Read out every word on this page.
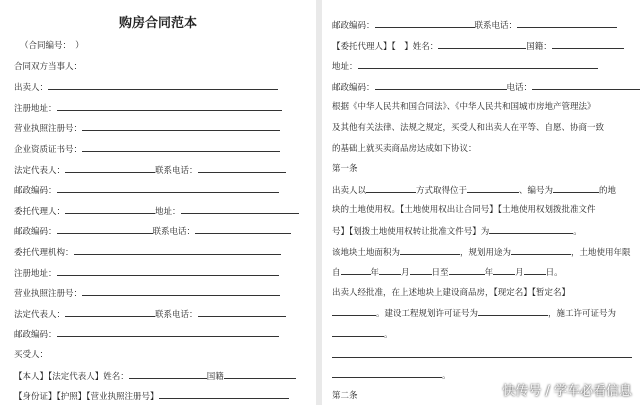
购房合同范本
（合同编号：　）
合同双方当事人：
出卖人：
注册地址：
营业执照注册号：
企业资质证书号：
法定代表人：	联系电话：
邮政编码：
委托代理人：	地址：
邮政编码：	联系电话：
委托代理机构：
注册地址：
营业执照注册号：
法定代表人：	联系电话：
邮政编码：
买受人：
【本人】【法定代表人】姓名：	国籍
【身份证】【护照】【营业执照注册号】
邮政编码：	联系电话：
【委托代理人】【　】姓名：	国籍：
地址：
邮政编码：	电话：
根据《中华人民共和国合同法》、《中华人民共和国城市房地产管理法》
及其他有关法律、法规之规定，买受人和出卖人在平等、自愿、协商一致
的基础上就买卖商品房达成如下协议：
第一条
出卖人以	方式取得位于	、编号为	的地
块的土地使用权。【土地使用权出让合同号】【土地使用权划拨批准文件
号】【划拨土地使用权转让批准文件号】为	。
该地块土地面积为	，规划用途为	，土地使用年限
自	年	月	日至	年	月	日。
出卖人经批准，在上述地块上建设商品房，【现定名】【暂定名】
。建设工程规划许可证号为	，施工许可证号为
。
。
第二条	快传号 / 学车必看信息
